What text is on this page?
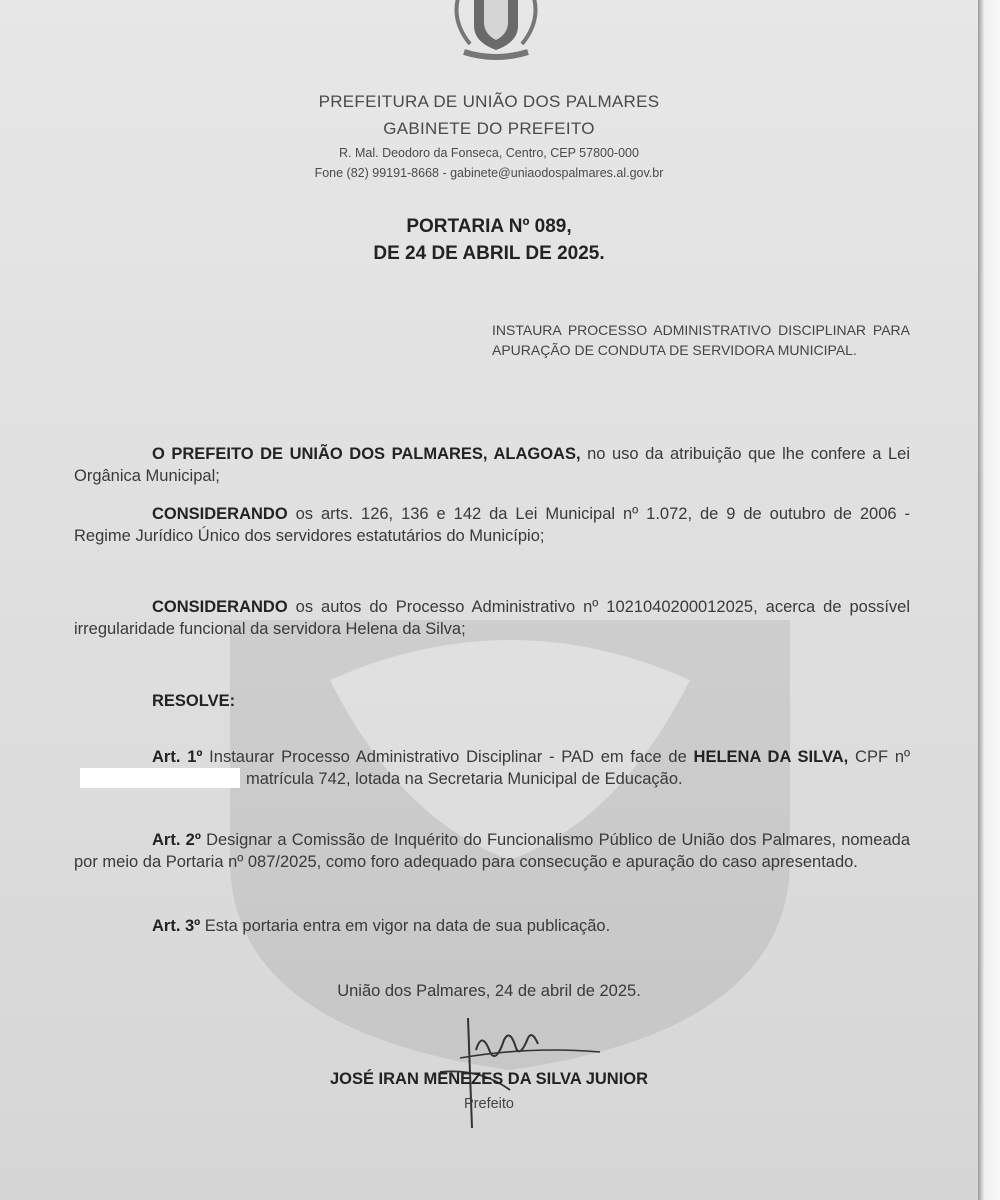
PREFEITURA DE UNIÃO DOS PALMARES
GABINETE DO PREFEITO
R. Mal. Deodoro da Fonseca, Centro, CEP 57800-000
Fone (82) 99191-8668 - gabinete@uniaodospalmares.al.gov.br
PORTARIA Nº 089,
DE 24 DE ABRIL DE 2025.
INSTAURA PROCESSO ADMINISTRATIVO DISCIPLINAR PARA APURAÇÃO DE CONDUTA DE SERVIDORA MUNICIPAL.
O PREFEITO DE UNIÃO DOS PALMARES, ALAGOAS, no uso da atribuição que lhe confere a Lei Orgânica Municipal;
CONSIDERANDO os arts. 126, 136 e 142 da Lei Municipal nº 1.072, de 9 de outubro de 2006 - Regime Jurídico Único dos servidores estatutários do Município;
CONSIDERANDO os autos do Processo Administrativo nº 1021040200012025, acerca de possível irregularidade funcional da servidora Helena da Silva;
RESOLVE:
Art. 1º Instaurar Processo Administrativo Disciplinar - PAD em face de HELENA DA SILVA, CPF nºmatrícula 742, lotada na Secretaria Municipal de Educação.
Art. 2º Designar a Comissão de Inquérito do Funcionalismo Público de União dos Palmares, nomeada por meio da Portaria nº 087/2025, como foro adequado para consecução e apuração do caso apresentado.
Art. 3º Esta portaria entra em vigor na data de sua publicação.
União dos Palmares, 24 de abril de 2025.
JOSÉ IRAN MENEZES DA SILVA JUNIOR
Prefeito
